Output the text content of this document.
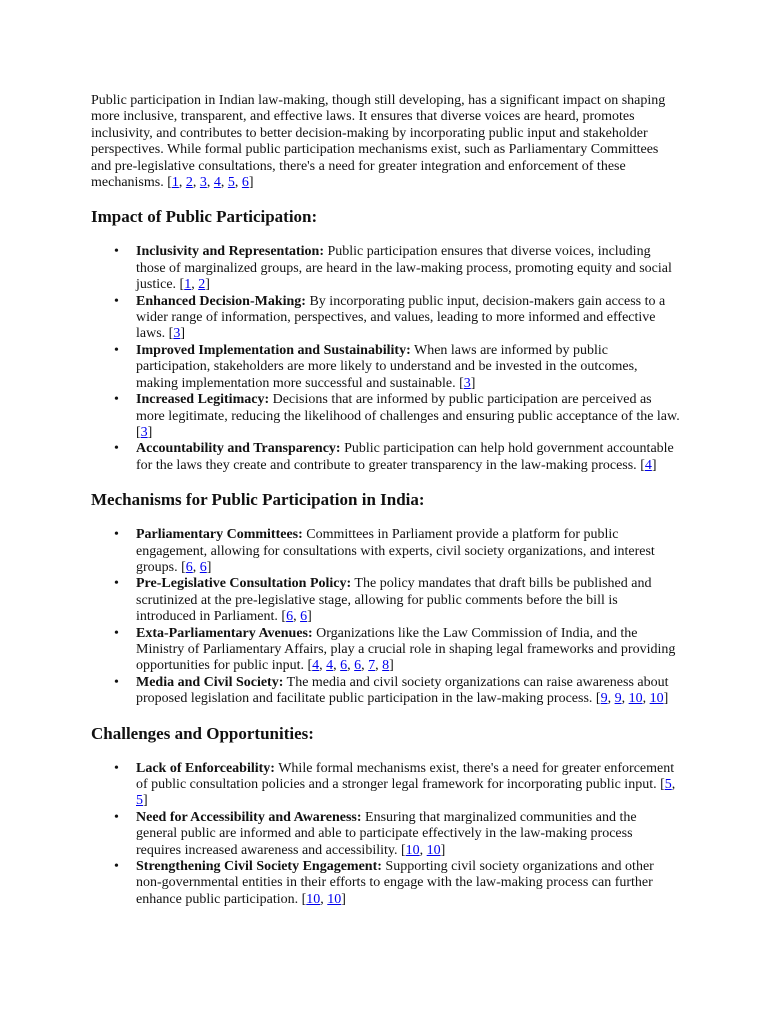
Public participation in Indian law-making, though still developing, has a significant impact on shaping more inclusive, transparent, and effective laws. It ensures that diverse voices are heard, promotes inclusivity, and contributes to better decision-making by incorporating public input and stakeholder perspectives. While formal public participation mechanisms exist, such as Parliamentary Committees and pre-legislative consultations, there's a need for greater integration and enforcement of these mechanisms. [1, 2, 3, 4, 5, 6]

Impact of Public Participation:
• Inclusivity and Representation: Public participation ensures that diverse voices, including those of marginalized groups, are heard in the law-making process, promoting equity and social justice. [1, 2]
• Enhanced Decision-Making: By incorporating public input, decision-makers gain access to a wider range of information, perspectives, and values, leading to more informed and effective laws. [3]
• Improved Implementation and Sustainability: When laws are informed by public participation, stakeholders are more likely to understand and be invested in the outcomes, making implementation more successful and sustainable. [3]
• Increased Legitimacy: Decisions that are informed by public participation are perceived as more legitimate, reducing the likelihood of challenges and ensuring public acceptance of the law. [3]
• Accountability and Transparency: Public participation can help hold government accountable for the laws they create and contribute to greater transparency in the law-making process. [4]
Mechanisms for Public Participation in India:
• Parliamentary Committees: Committees in Parliament provide a platform for public engagement, allowing for consultations with experts, civil society organizations, and interest groups. [6, 6]
• Pre-Legislative Consultation Policy: The policy mandates that draft bills be published and scrutinized at the pre-legislative stage, allowing for public comments before the bill is introduced in Parliament. [6, 6]
• Exta-Parliamentary Avenues: Organizations like the Law Commission of India, and the Ministry of Parliamentary Affairs, play a crucial role in shaping legal frameworks and providing opportunities for public input. [4, 4, 6, 6, 7, 8]
• Media and Civil Society: The media and civil society organizations can raise awareness about proposed legislation and facilitate public participation in the law-making process. [9, 9, 10, 10]
Challenges and Opportunities:
• Lack of Enforceability: While formal mechanisms exist, there's a need for greater enforcement of public consultation policies and a stronger legal framework for incorporating public input. [5, 5]
• Need for Accessibility and Awareness: Ensuring that marginalized communities and the general public are informed and able to participate effectively in the law-making process requires increased awareness and accessibility. [10, 10]
• Strengthening Civil Society Engagement: Supporting civil society organizations and other non-governmental entities in their efforts to engage with the law-making process can further enhance public participation. [10, 10]
